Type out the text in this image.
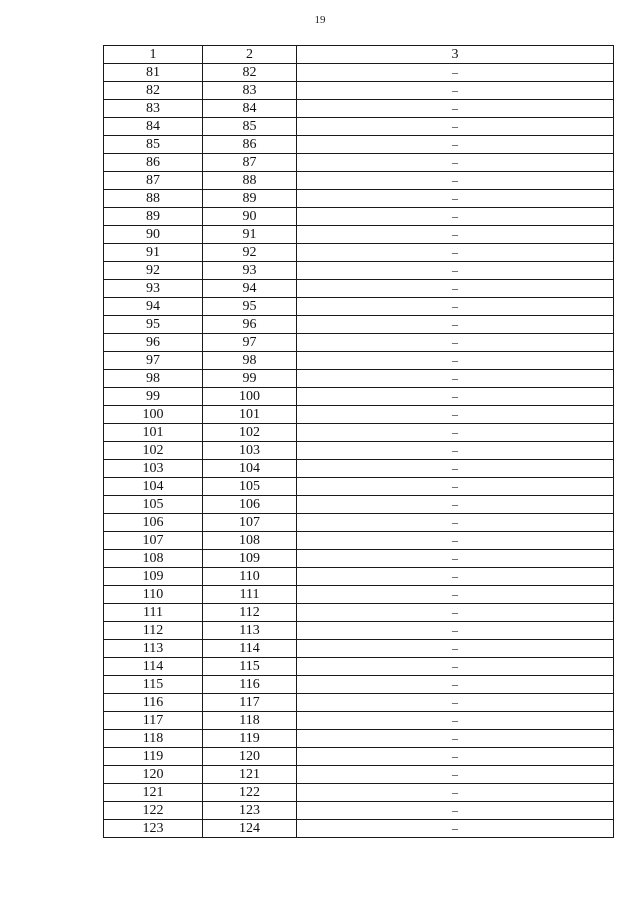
19
1	2	3
81	82	–
82	83	–
83	84	–
84	85	–
85	86	–
86	87	–
87	88	–
88	89	–
89	90	–
90	91	–
91	92	–
92	93	–
93	94	–
94	95	–
95	96	–
96	97	–
97	98	–
98	99	–
99	100	–
100	101	–
101	102	–
102	103	–
103	104	–
104	105	–
105	106	–
106	107	–
107	108	–
108	109	–
109	110	–
110	111	–
111	112	–
112	113	–
113	114	–
114	115	–
115	116	–
116	117	–
117	118	–
118	119	–
119	120	–
120	121	–
121	122	–
122	123	–
123	124	–
